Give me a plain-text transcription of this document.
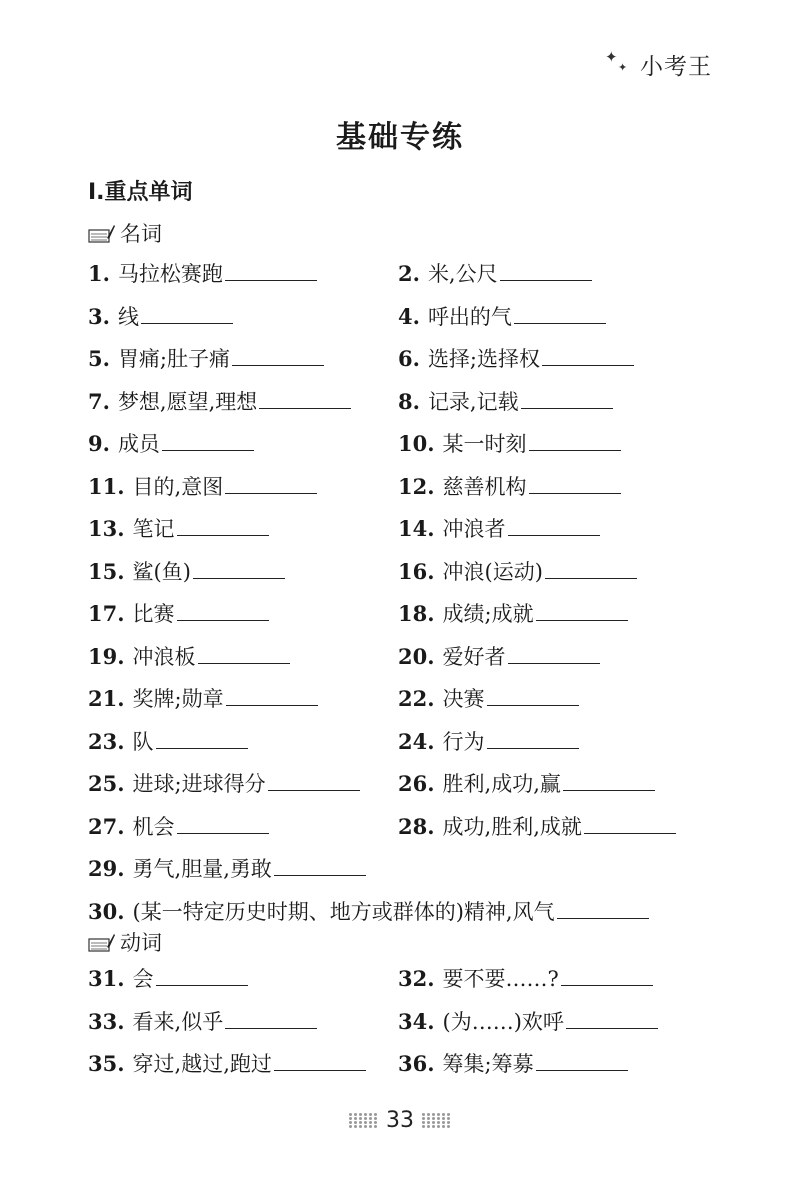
✦
✦ 小考王
基础专练
Ⅰ.重点单词
名词
1. 马拉松赛跑	2. 米,公尺
3. 线	4. 呼出的气
5. 胃痛;肚子痛	6. 选择;选择权
7. 梦想,愿望,理想	8. 记录,记载
9. 成员	10. 某一时刻
11. 目的,意图	12. 慈善机构
13. 笔记	14. 冲浪者
15. 鲨(鱼)	16. 冲浪(运动)
17. 比赛	18. 成绩;成就
19. 冲浪板	20. 爱好者
21. 奖牌;勋章	22. 决赛
23. 队	24. 行为
25. 进球;进球得分	26. 胜利,成功,赢
27. 机会	28. 成功,胜利,成就
29. 勇气,胆量,勇敢
30. (某一特定历史时期、地方或群体的)精神,风气
动词
31. 会	32. 要不要……?
33. 看来,似乎	34. (为……)欢呼
35. 穿过,越过,跑过	36. 筹集;筹募
33
